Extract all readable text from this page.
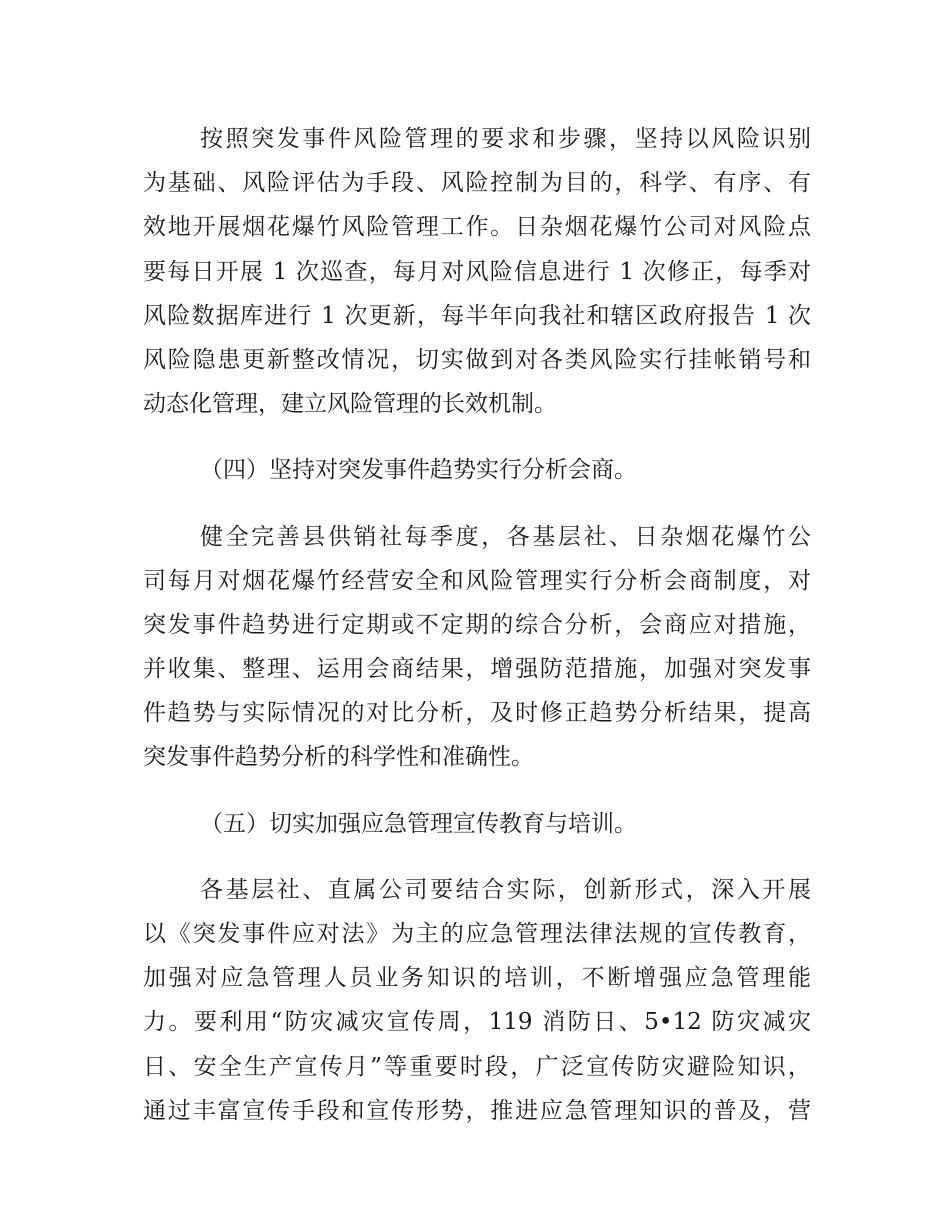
按照突发事件风险管理的要求和步骤，坚持以风险识别
为基础、风险评估为手段、风险控制为目的，科学、有序、有
效地开展烟花爆竹风险管理工作。日杂烟花爆竹公司对风险点
要每日开展 1 次巡查，每月对风险信息进行 1 次修正，每季对
风险数据库进行 1 次更新，每半年向我社和辖区政府报告 1 次
风险隐患更新整改情况，切实做到对各类风险实行挂帐销号和
动态化管理，建立风险管理的长效机制。

（四）坚持对突发事件趋势实行分析会商。

健全完善县供销社每季度，各基层社、日杂烟花爆竹公
司每月对烟花爆竹经营安全和风险管理实行分析会商制度，对
突发事件趋势进行定期或不定期的综合分析，会商应对措施，
并收集、整理、运用会商结果，增强防范措施，加强对突发事
件趋势与实际情况的对比分析，及时修正趋势分析结果，提高
突发事件趋势分析的科学性和准确性。

（五）切实加强应急管理宣传教育与培训。

各基层社、直属公司要结合实际，创新形式，深入开展
以《突发事件应对法》为主的应急管理法律法规的宣传教育，
加强对应急管理人员业务知识的培训，不断增强应急管理能
力。要利用“防灾减灾宣传周，119 消防日、5•12 防灾减灾
日、安全生产宣传月”等重要时段，广泛宣传防灾避险知识，
通过丰富宣传手段和宣传形势，推进应急管理知识的普及，营
